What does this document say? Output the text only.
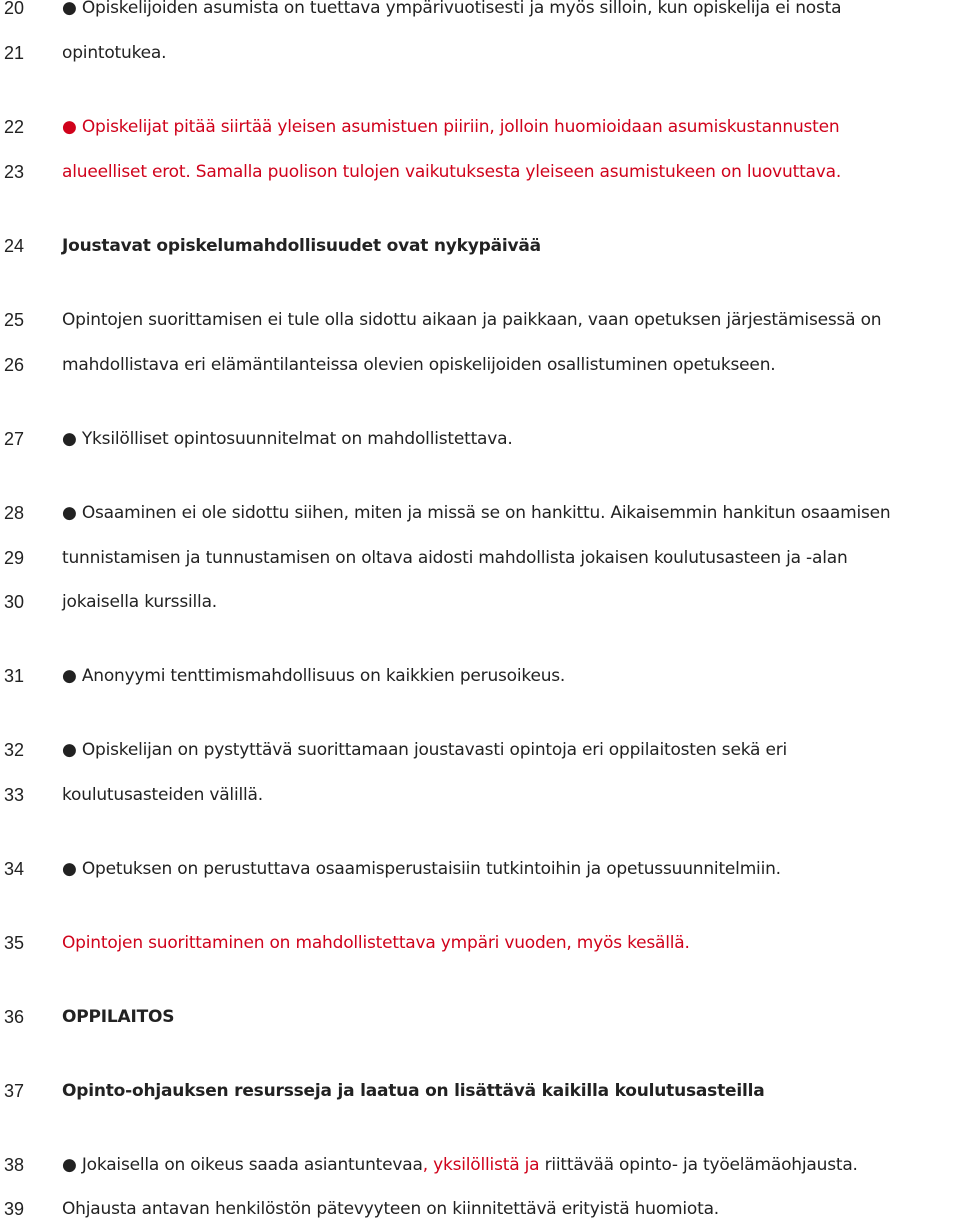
20	● Opiskelijoiden asumista on tuettava ympärivuotisesti ja myös silloin, kun opiskelija ei nosta
21	opintotukea.
22	● Opiskelijat pitää siirtää yleisen asumistuen piiriin, jolloin huomioidaan asumiskustannusten
23	alueelliset erot. Samalla puolison tulojen vaikutuksesta yleiseen asumistukeen on luovuttava.
24	Joustavat opiskelumahdollisuudet ovat nykypäivää
25	Opintojen suorittamisen ei tule olla sidottu aikaan ja paikkaan, vaan opetuksen järjestämisessä on
26	mahdollistava eri elämäntilanteissa olevien opiskelijoiden osallistuminen opetukseen.
27	● Yksilölliset opintosuunnitelmat on mahdollistettava.
28	● Osaaminen ei ole sidottu siihen, miten ja missä se on hankittu. Aikaisemmin hankitun osaamisen
29	tunnistamisen ja tunnustamisen on oltava aidosti mahdollista jokaisen koulutusasteen ja -alan
30	jokaisella kurssilla.
31	● Anonyymi tenttimismahdollisuus on kaikkien perusoikeus.
32	● Opiskelijan on pystyttävä suorittamaan joustavasti opintoja eri oppilaitosten sekä eri
33	koulutusasteiden välillä.
34	● Opetuksen on perustuttava osaamisperustaisiin tutkintoihin ja opetussuunnitelmiin.
35	Opintojen suorittaminen on mahdollistettava ympäri vuoden, myös kesällä.
36	OPPILAITOS
37	Opinto-ohjauksen resursseja ja laatua on lisättävä kaikilla koulutusasteilla
38	● Jokaisella on oikeus saada asiantuntevaa, yksilöllistä ja riittävää opinto- ja työelämäohjausta.
39	Ohjausta antavan henkilöstön pätevyyteen on kiinnitettävä erityistä huomiota.
